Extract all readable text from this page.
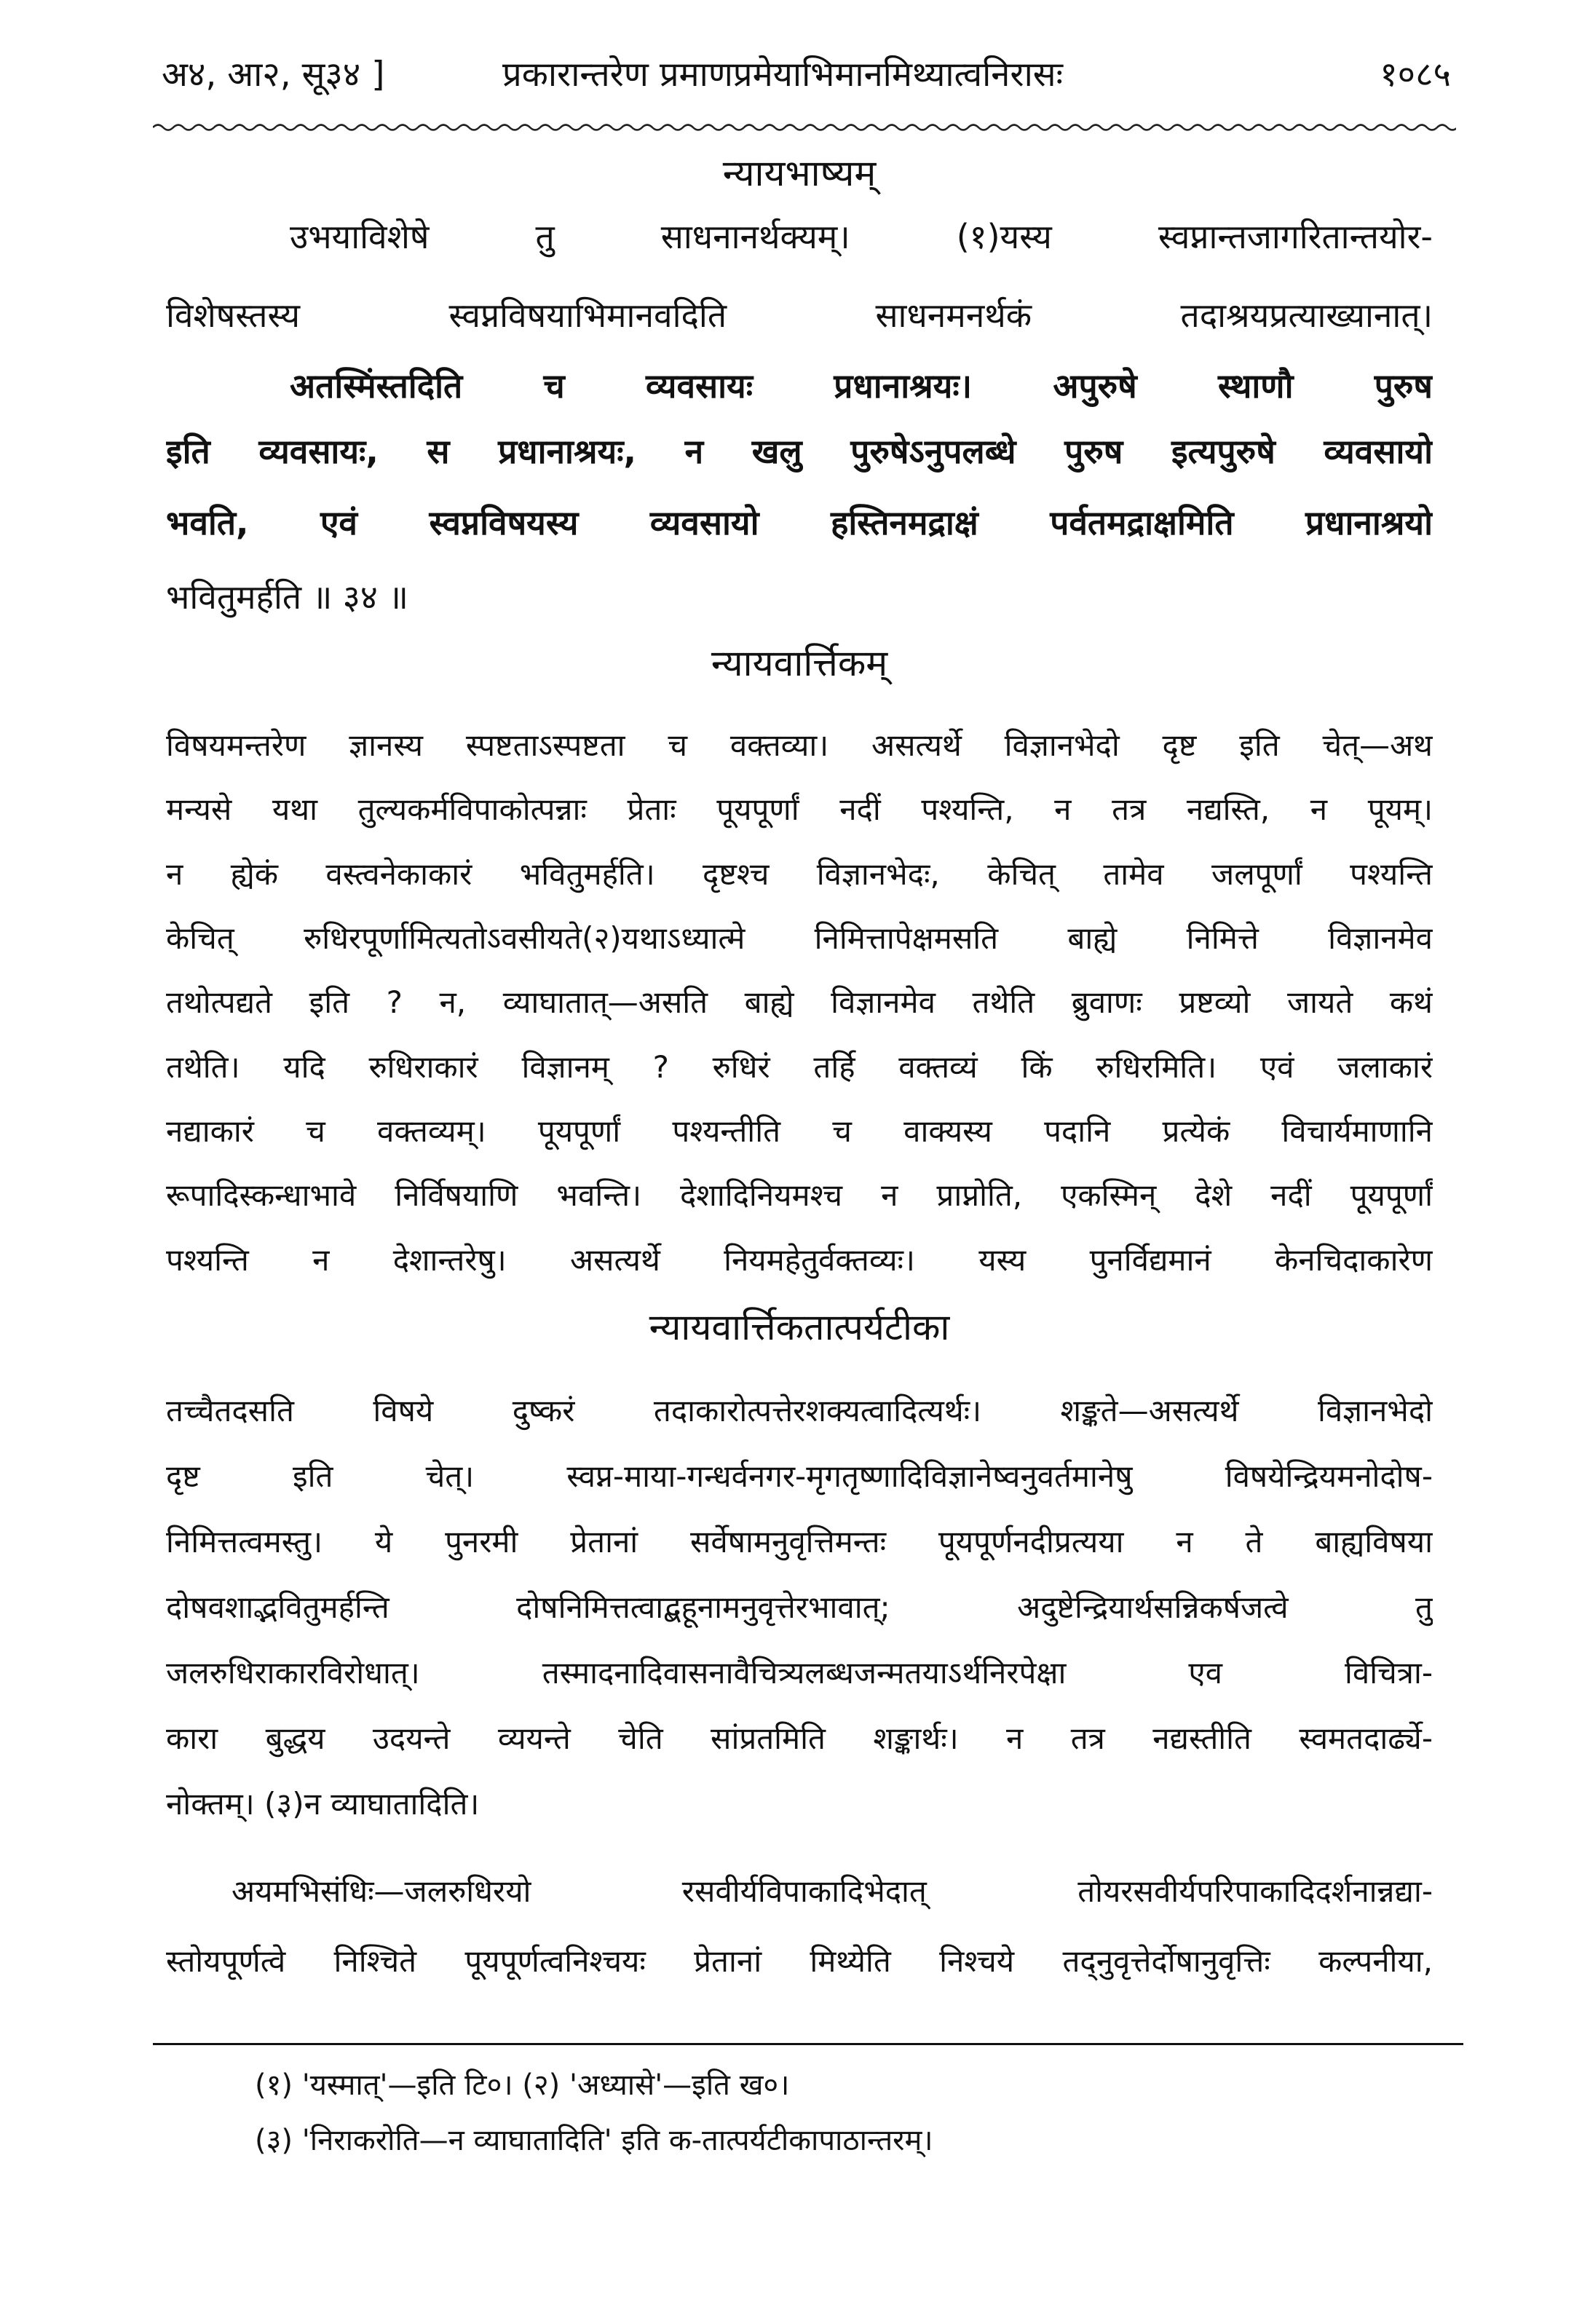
अ४, आ२, सू३४ ]	प्रकारान्तरेण प्रमाणप्रमेयाभिमानमिथ्यात्वनिरासः	१०८५
न्यायभाष्यम्
उभयाविशेषे तु साधनानर्थक्यम्। (१)यस्य स्वप्नान्तजागरितान्तयोर-
विशेषस्तस्य स्वप्नविषयाभिमानवदिति साधनमनर्थकं तदाश्रयप्रत्याख्यानात्।
अतस्मिंस्तदिति च व्यवसायः प्रधानाश्रयः। अपुरुषे स्थाणौ पुरुष
इति व्यवसायः, स प्रधानाश्रयः, न खलु पुरुषेऽनुपलब्धे पुरुष इत्यपुरुषे व्यवसायो
भवति, एवं स्वप्नविषयस्य व्यवसायो हस्तिनमद्राक्षं पर्वतमद्राक्षमिति प्रधानाश्रयो
भवितुमर्हति ॥ ३४ ॥
न्यायवार्त्तिकम्
विषयमन्तरेण ज्ञानस्य स्पष्टताऽस्पष्टता च वक्तव्या। असत्यर्थे विज्ञानभेदो दृष्ट इति चेत्—अथ
मन्यसे यथा तुल्यकर्मविपाकोत्पन्नाः प्रेताः पूयपूर्णां नदीं पश्यन्ति, न तत्र नद्यस्ति, न पूयम्।
न ह्येकं वस्त्वनेकाकारं भवितुमर्हति। दृष्टश्च विज्ञानभेदः, केचित् तामेव जलपूर्णां पश्यन्ति
केचित् रुधिरपूर्णामित्यतोऽवसीयते(२)यथाऽध्यात्मे निमित्तापेक्षमसति बाह्ये निमित्ते विज्ञानमेव
तथोत्पद्यते इति ? न, व्याघातात्—असति बाह्ये विज्ञानमेव तथेति ब्रुवाणः प्रष्टव्यो जायते कथं
तथेति। यदि रुधिराकारं विज्ञानम् ? रुधिरं तर्हि वक्तव्यं किं रुधिरमिति। एवं जलाकारं
नद्याकारं च वक्तव्यम्। पूयपूर्णां पश्यन्तीति च वाक्यस्य पदानि प्रत्येकं विचार्यमाणानि
रूपादिस्कन्धाभावे निर्विषयाणि भवन्ति। देशादिनियमश्च न प्राप्नोति, एकस्मिन् देशे नदीं पूयपूर्णां
पश्यन्ति न देशान्तरेषु। असत्यर्थे नियमहेतुर्वक्तव्यः। यस्य पुनर्विद्यमानं केनचिदाकारेण
न्यायवार्त्तिकतात्पर्यटीका
तच्चैतदसति विषये दुष्करं तदाकारोत्पत्तेरशक्यत्वादित्यर्थः। शङ्कते—असत्यर्थे विज्ञानभेदो
दृष्ट इति चेत्। स्वप्न-माया-गन्धर्वनगर-मृगतृष्णादिविज्ञानेष्वनुवर्तमानेषु विषयेन्द्रियमनोदोष-
निमित्तत्वमस्तु। ये पुनरमी प्रेतानां सर्वेषामनुवृत्तिमन्तः पूयपूर्णनदीप्रत्यया न ते बाह्यविषया
दोषवशाद्भवितुमर्हन्ति दोषनिमित्तत्वाद्बहूनामनुवृत्तेरभावात्; अदुष्टेन्द्रियार्थसन्निकर्षजत्वे तु
जलरुधिराकारविरोधात्। तस्मादनादिवासनावैचित्र्यलब्धजन्मतयाऽर्थनिरपेक्षा एव विचित्रा-
कारा बुद्धय उदयन्ते व्ययन्ते चेति सांप्रतमिति शङ्कार्थः। न तत्र नद्यस्तीति स्वमतदार्ढ्ये-
नोक्तम्। (३)न व्याघातादिति।
अयमभिसंधिः—जलरुधिरयो रसवीर्यविपाकादिभेदात् तोयरसवीर्यपरिपाकादिदर्शनान्नद्या-
स्तोयपूर्णत्वे निश्चिते पूयपूर्णत्वनिश्चयः प्रेतानां मिथ्येति निश्चये तद्नुवृत्तेर्दोषानुवृत्तिः कल्पनीया,
(१) 'यस्मात्'—इति टि०। (२) 'अध्यासे'—इति ख०।
(३) 'निराकरोति—न व्याघातादिति' इति क-तात्पर्यटीकापाठान्तरम्।
